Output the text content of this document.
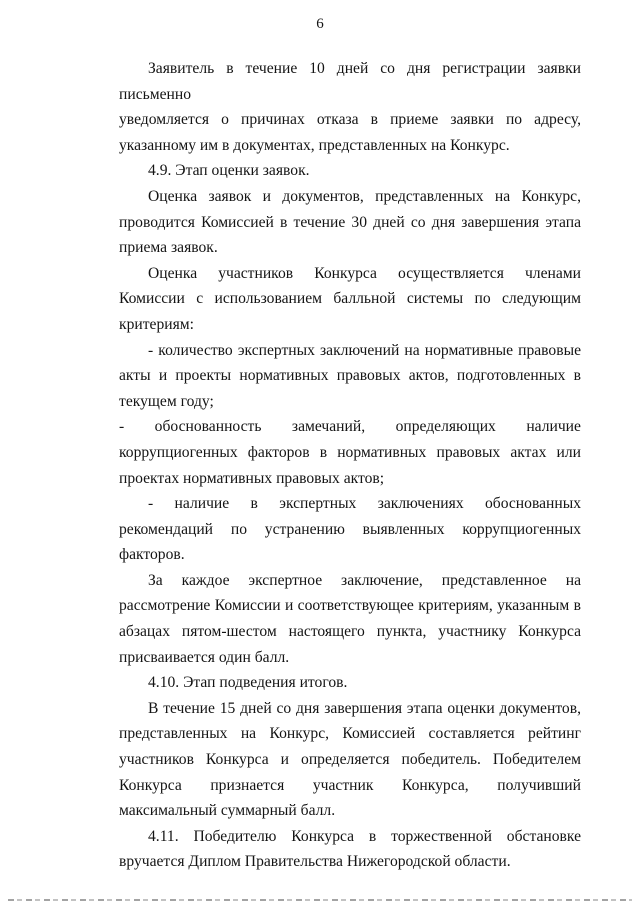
6

Заявитель в течение 10 дней со дня регистрации заявки письменно

уведомляется о причинах отказа в приеме заявки по адресу, указанному им в документах, представленных на Конкурс.

4.9. Этап оценки заявок.

Оценка заявок и документов, представленных на Конкурс, проводится Комиссией в течение 30 дней со дня завершения этапа приема заявок.

Оценка участников Конкурса осуществляется членами Комиссии с использованием балльной системы по следующим критериям:

- количество экспертных заключений на нормативные правовые акты и проекты нормативных правовых актов, подготовленных в текущем году;

- обоснованность замечаний, определяющих наличие

коррупциогенных факторов в нормативных правовых актах или проектах нормативных правовых актов;

- наличие в экспертных заключениях обоснованных рекомендаций по устранению выявленных коррупциогенных факторов.

За каждое экспертное заключение, представленное на рассмотрение Комиссии и соответствующее критериям, указанным в абзацах пятом-шестом настоящего пункта, участнику Конкурса присваивается один балл.

4.10. Этап подведения итогов.

В течение 15 дней со дня завершения этапа оценки документов, представленных на Конкурс, Комиссией составляется рейтинг участников Конкурса и определяется победитель. Победителем Конкурса признается участник Конкурса, получивший максимальный суммарный балл.

4.11. Победителю Конкурса в торжественной обстановке вручается Диплом Правительства Нижегородской области.
